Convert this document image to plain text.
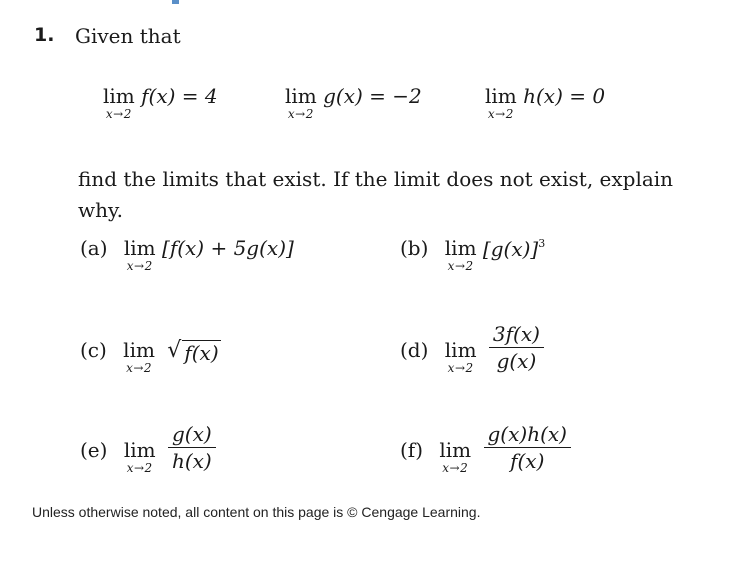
1. Given that
lim
x→2
f(x) = 4	lim
x→2
g(x) = −2	lim
x→2
h(x) = 0
find the limits that exist. If the limit does not exist, explain why.
(a) lim
x→2
[f(x) + 5g(x)]	(b) lim
x→2
$[g(x)]^3$
(c) lim
x→2

√ f(x)	(d) lim
x→2
$\frac{3f(x)}{g(x)}$
(e) lim
x→2
$\frac{g(x)}{h(x)}$	(f) lim
x→2
$\frac{g(x)h(x)}{f(x)}$
Unless otherwise noted, all content on this page is © Cengage Learning.
